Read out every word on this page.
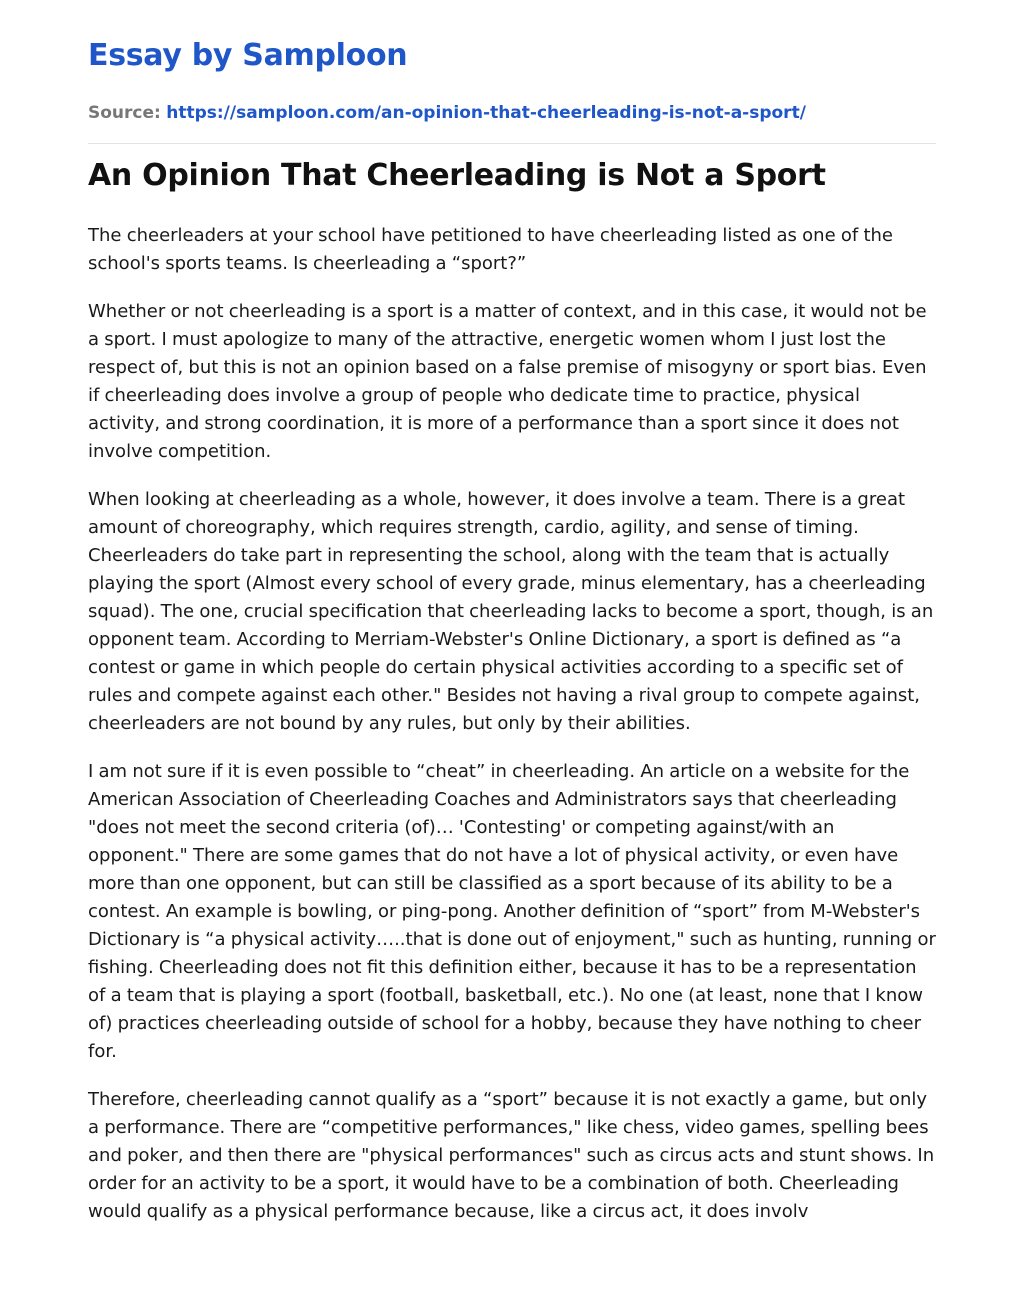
Essay by Samploon
Source: https://samploon.com/an-opinion-that-cheerleading-is-not-a-sport/
An Opinion That Cheerleading is Not a Sport

The cheerleaders at your school have petitioned to have cheerleading listed as one of the school's sports teams. Is cheerleading a “sport?”

Whether or not cheerleading is a sport is a matter of context, and in this case, it would not be a sport. I must apologize to many of the attractive, energetic women whom I just lost the respect of, but this is not an opinion based on a false premise of misogyny or sport bias. Even if cheerleading does involve a group of people who dedicate time to practice, physical activity, and strong coordination, it is more of a performance than a sport since it does not involve competition.

When looking at cheerleading as a whole, however, it does involve a team. There is a great amount of choreography, which requires strength, cardio, agility, and sense of timing. Cheerleaders do take part in representing the school, along with the team that is actually playing the sport (Almost every school of every grade, minus elementary, has a cheerleading squad). The one, crucial specification that cheerleading lacks to become a sport, though, is an opponent team. According to Merriam-Webster's Online Dictionary, a sport is defined as “a contest or game in which people do certain physical activities according to a specific set of rules and compete against each other." Besides not having a rival group to compete against, cheerleaders are not bound by any rules, but only by their abilities.

I am not sure if it is even possible to “cheat” in cheerleading. An article on a website for the American Association of Cheerleading Coaches and Administrators says that cheerleading "does not meet the second criteria (of)… 'Contesting' or competing against/with an opponent." There are some games that do not have a lot of physical activity, or even have more than one opponent, but can still be classified as a sport because of its ability to be a contest. An example is bowling, or ping-pong. Another definition of “sport” from M-Webster's Dictionary is “a physical activity…..that is done out of enjoyment," such as hunting, running or fishing. Cheerleading does not fit this definition either, because it has to be a representation of a team that is playing a sport (football, basketball, etc.). No one (at least, none that I know of) practices cheerleading outside of school for a hobby, because they have nothing to cheer for.

Therefore, cheerleading cannot qualify as a “sport” because it is not exactly a game, but only a performance. There are “competitive performances," like chess, video games, spelling bees and poker, and then there are "physical performances" such as circus acts and stunt shows. In order for an activity to be a sport, it would have to be a combination of both. Cheerleading would qualify as a physical performance because, like a circus act, it does involv
